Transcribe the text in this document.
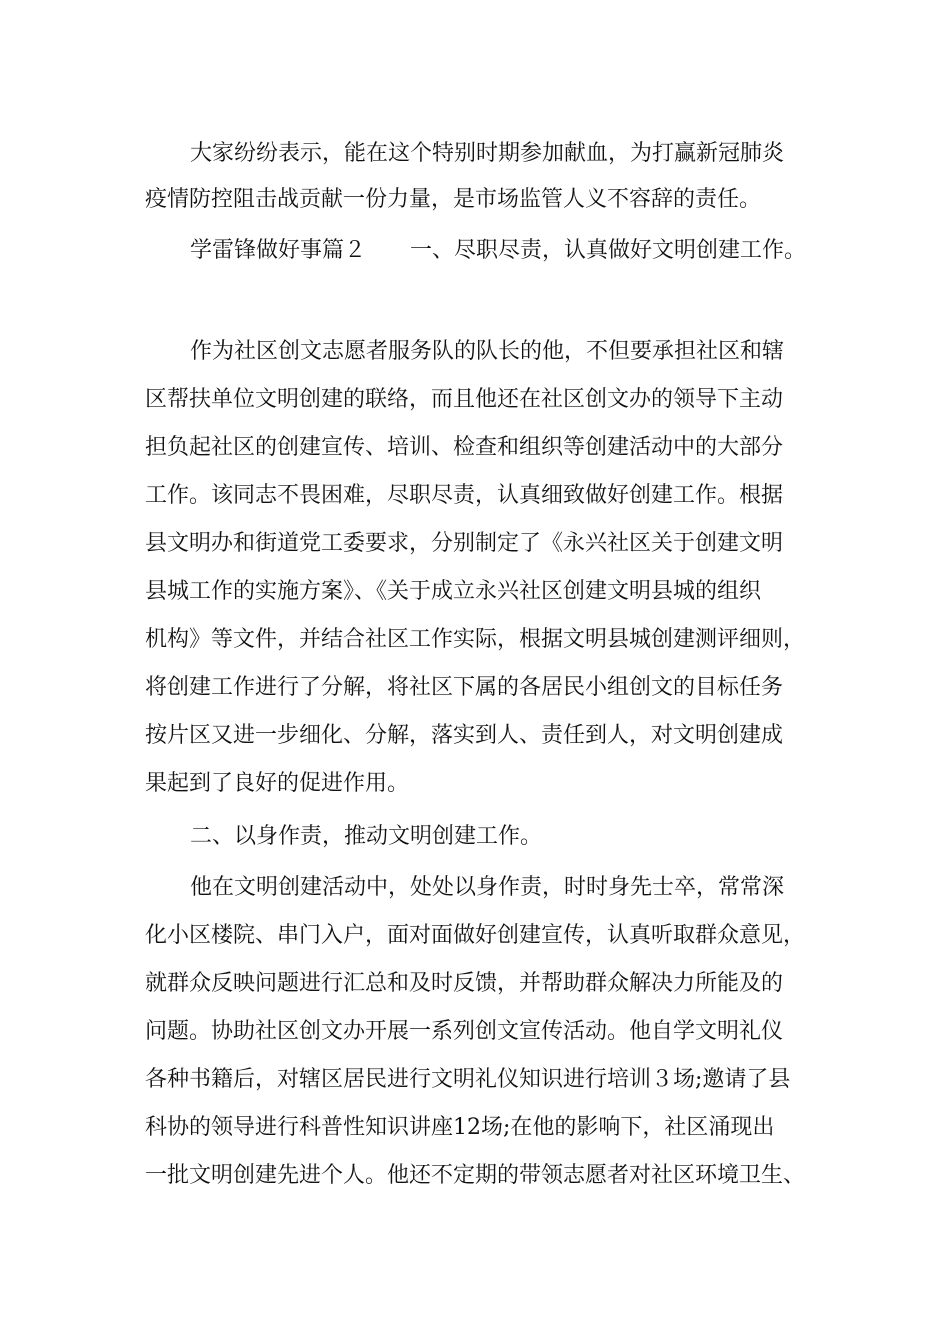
大家纷纷表示，能在这个特别时期参加献血，为打赢新冠肺炎
疫情防控阻击战贡献一份力量，是市场监管人义不容辞的责任。
学雷锋做好事篇２　　一、尽职尽责，认真做好文明创建工作。
作为社区创文志愿者服务队的队长的他，不但要承担社区和辖
区帮扶单位文明创建的联络，而且他还在社区创文办的领导下主动
担负起社区的创建宣传、培训、检查和组织等创建活动中的大部分
工作。该同志不畏困难，尽职尽责，认真细致做好创建工作。根据
县文明办和街道党工委要求，分别制定了《永兴社区关于创建文明
县城工作的实施方案》、《关于成立永兴社区创建文明县城的组织
机构》等文件，并结合社区工作实际，根据文明县城创建测评细则，
将创建工作进行了分解，将社区下属的各居民小组创文的目标任务
按片区又进一步细化、分解，落实到人、责任到人，对文明创建成
果起到了良好的促进作用。
二、以身作责，推动文明创建工作。
他在文明创建活动中，处处以身作责，时时身先士卒，常常深
化小区楼院、串门入户，面对面做好创建宣传，认真听取群众意见，
就群众反映问题进行汇总和及时反馈，并帮助群众解决力所能及的
问题。协助社区创文办开展一系列创文宣传活动。他自学文明礼仪
各种书籍后，对辖区居民进行文明礼仪知识进行培训３场;邀请了县
科协的领导进行科普性知识讲座12场;在他的影响下，社区涌现出
一批文明创建先进个人。他还不定期的带领志愿者对社区环境卫生、
